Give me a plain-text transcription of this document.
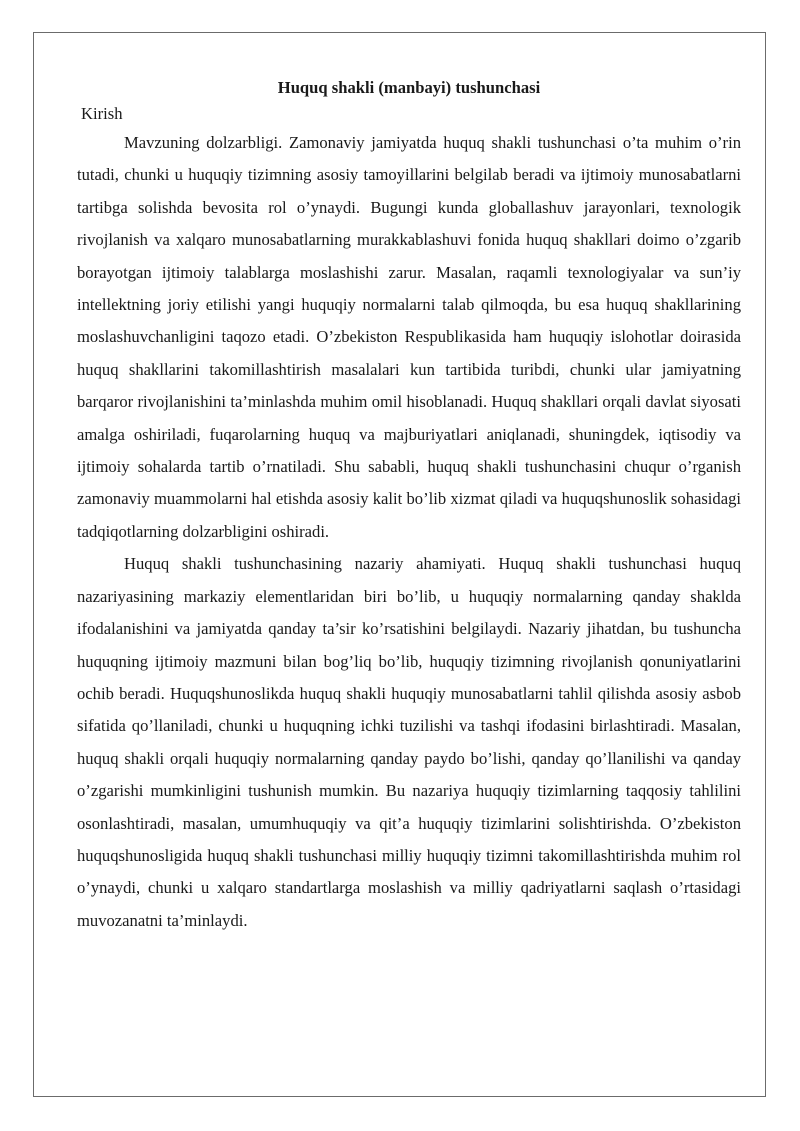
Huquq shakli (manbayi) tushunchasi

Kirish

Mavzuning dolzarbligi. Zamonaviy jamiyatda huquq shakli tushunchasi o’ta muhim o’rin tutadi, chunki u huquqiy tizimning asosiy tamoyillarini belgilab beradi va ijtimoiy munosabatlarni tartibga solishda bevosita rol o’ynaydi. Bugungi kunda globallashuv jarayonlari, texnologik rivojlanish va xalqaro munosabatlarning murakkablashuvi fonida huquq shakllari doimo o’zgarib borayotgan ijtimoiy talablarga moslashishi zarur. Masalan, raqamli texnologiyalar va sun’iy intellektning joriy etilishi yangi huquqiy normalarni talab qilmoqda, bu esa huquq shakllarining moslashuvchanligini taqozo etadi. O’zbekiston Respublikasida ham huquqiy islohotlar doirasida huquq shakllarini takomillashtirish masalalari kun tartibida turibdi, chunki ular jamiyatning barqaror rivojlanishini ta’minlashda muhim omil hisoblanadi. Huquq shakllari orqali davlat siyosati amalga oshiriladi, fuqarolarning huquq va majburiyatlari aniqlanadi, shuningdek, iqtisodiy va ijtimoiy sohalarda tartib o’rnatiladi. Shu sababli, huquq shakli tushunchasini chuqur o’rganish zamonaviy muammolarni hal etishda asosiy kalit bo’lib xizmat qiladi va huquqshunoslik sohasidagi tadqiqotlarning dolzarbligini oshiradi.

Huquq shakli tushunchasining nazariy ahamiyati. Huquq shakli tushunchasi huquq nazariyasining markaziy elementlaridan biri bo’lib, u huquqiy normalarning qanday shaklda ifodalanishini va jamiyatda qanday ta’sir ko’rsatishini belgilaydi. Nazariy jihatdan, bu tushuncha huquqning ijtimoiy mazmuni bilan bog’liq bo’lib, huquqiy tizimning rivojlanish qonuniyatlarini ochib beradi. Huquqshunoslikda huquq shakli huquqiy munosabatlarni tahlil qilishda asosiy asbob sifatida qo’llaniladi, chunki u huquqning ichki tuzilishi va tashqi ifodasini birlashtiradi. Masalan, huquq shakli orqali huquqiy normalarning qanday paydo bo’lishi, qanday qo’llanilishi va qanday o’zgarishi mumkinligini tushunish mumkin. Bu nazariya huquqiy tizimlarning taqqosiy tahlilini osonlashtiradi, masalan, umumhuquqiy va qit’a huquqiy tizimlarini solishtirishda. O’zbekiston huquqshunosligida huquq shakli tushunchasi milliy huquqiy tizimni takomillashtirishda muhim rol o’ynaydi, chunki u xalqaro standartlarga moslashish va milliy qadriyatlarni saqlash o’rtasidagi muvozanatni ta’minlaydi.
